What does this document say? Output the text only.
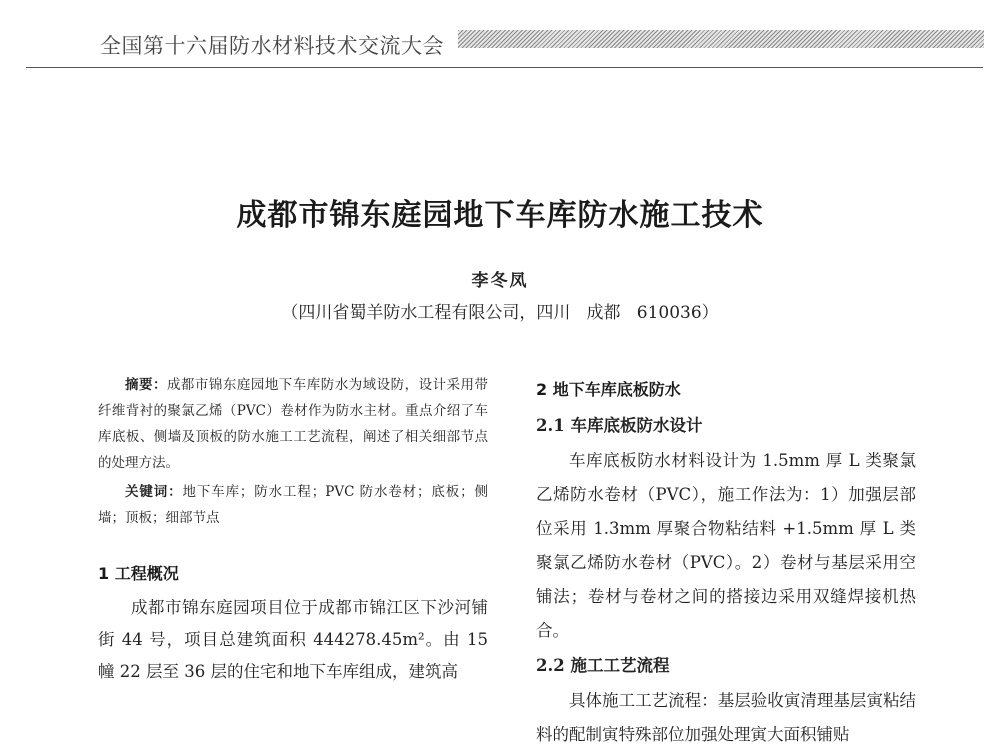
全国第十六届防水材料技术交流大会
成都市锦东庭园地下车库防水施工技术
李冬凤
（四川省蜀羊防水工程有限公司，四川   成都   610036）

摘要：成都市锦东庭园地下车库防水为域设防，设计采用带纤维背衬的聚氯乙烯（PVC）卷材作为防水主材。重点介绍了车库底板、侧墙及顶板的防水施工工艺流程，阐述了相关细部节点的处理方法。

关键词：地下车库；防水工程；PVC 防水卷材；底板；侧墙；顶板；细部节点

1 工程概况

成都市锦东庭园项目位于成都市锦江区下沙河铺街 44 号，项目总建筑面积 444278.45m²。由 15 幢 22 层至 36 层的住宅和地下车库组成，建筑高

2 地下车库底板防水
2.1 车库底板防水设计

车库底板防水材料设计为 1.5mm 厚 L 类聚氯乙烯防水卷材（PVC），施工作法为：1）加强层部位采用 1.3mm 厚聚合物粘结料 +1.5mm 厚 L 类聚氯乙烯防水卷材（PVC）。2）卷材与基层采用空铺法；卷材与卷材之间的搭接边采用双缝焊接机热合。

2.2 施工工艺流程

具体施工工艺流程：基层验收寅清理基层寅粘结料的配制寅特殊部位加强处理寅大面积铺贴
